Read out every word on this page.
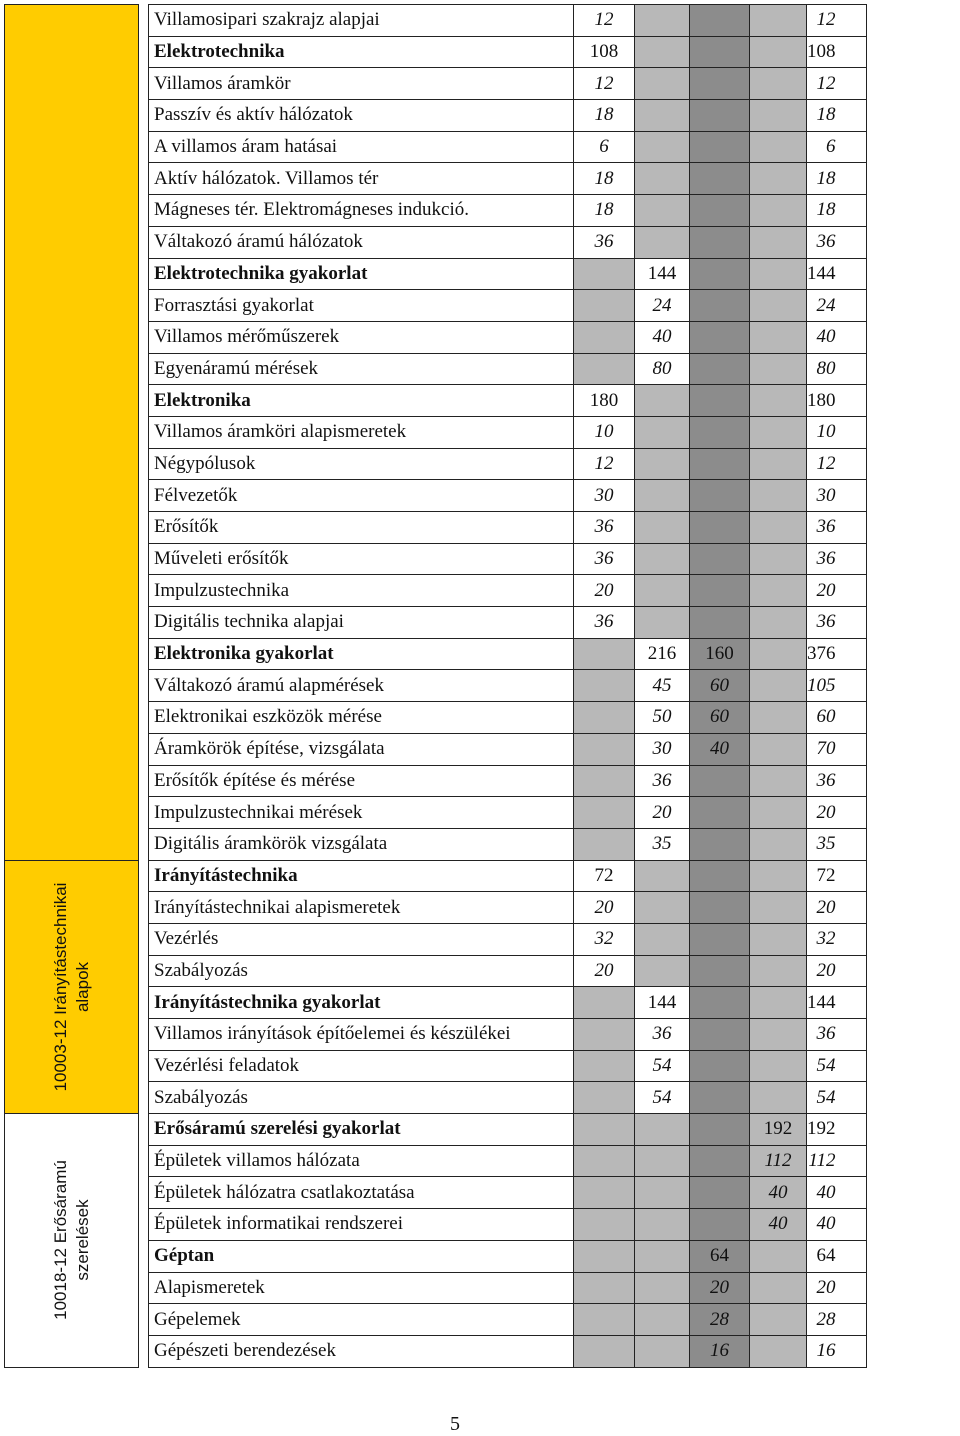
		Villamosipari szakrajz alapjai	12				12
		Elektrotechnika	108				108
		Villamos áramkör	12				12
		Passzív és aktív hálózatok	18				18
		A villamos áram hatásai	6				6
		Aktív hálózatok. Villamos tér	18				18
		Mágneses tér. Elektromágneses indukció.	18				18
		Váltakozó áramú hálózatok	36				36
		Elektrotechnika gyakorlat		144			144
		Forrasztási gyakorlat		24			24
		Villamos mérőműszerek		40			40
		Egyenáramú mérések		80			80
		Elektronika	180				180
		Villamos áramköri alapismeretek	10				10
		Négypólusok	12				12
		Félvezetők	30				30
		Erősítők	36				36
		Műveleti erősítők	36				36
		Impulzustechnika	20				20
		Digitális technika alapjai	36				36
		Elektronika gyakorlat		216	160		376
		Váltakozó áramú alapmérések		45	60		105
		Elektronikai eszközök mérése		50	60		60
		Áramkörök építése, vizsgálata		30	40		70
		Erősítők építése és mérése		36			36
		Impulzustechnikai mérések		20			20
		Digitális áramkörök vizsgálata		35			35

10003-12 Irányítástechnikai alapok		Irányítástechnika	72				72
		Irányítástechnikai alapismeretek	20				20
		Vezérlés	32				32
		Szabályozás	20				20
		Irányítástechnika gyakorlat		144			144
		Villamos irányítások építőelemei és készülékei		36			36
		Vezérlési feladatok		54			54
		Szabályozás		54			54

10018-12 Erősáramú szerelések		Erősáramú szerelési gyakorlat				192	192
		Épületek villamos hálózata				112	112
		Épületek hálózatra csatlakoztatása				40	40
		Épületek informatikai rendszerei				40	40
		Géptan			64		64
		Alapismeretek			20		20
		Gépelemek			28		28
		Gépészeti berendezések			16		16
5
